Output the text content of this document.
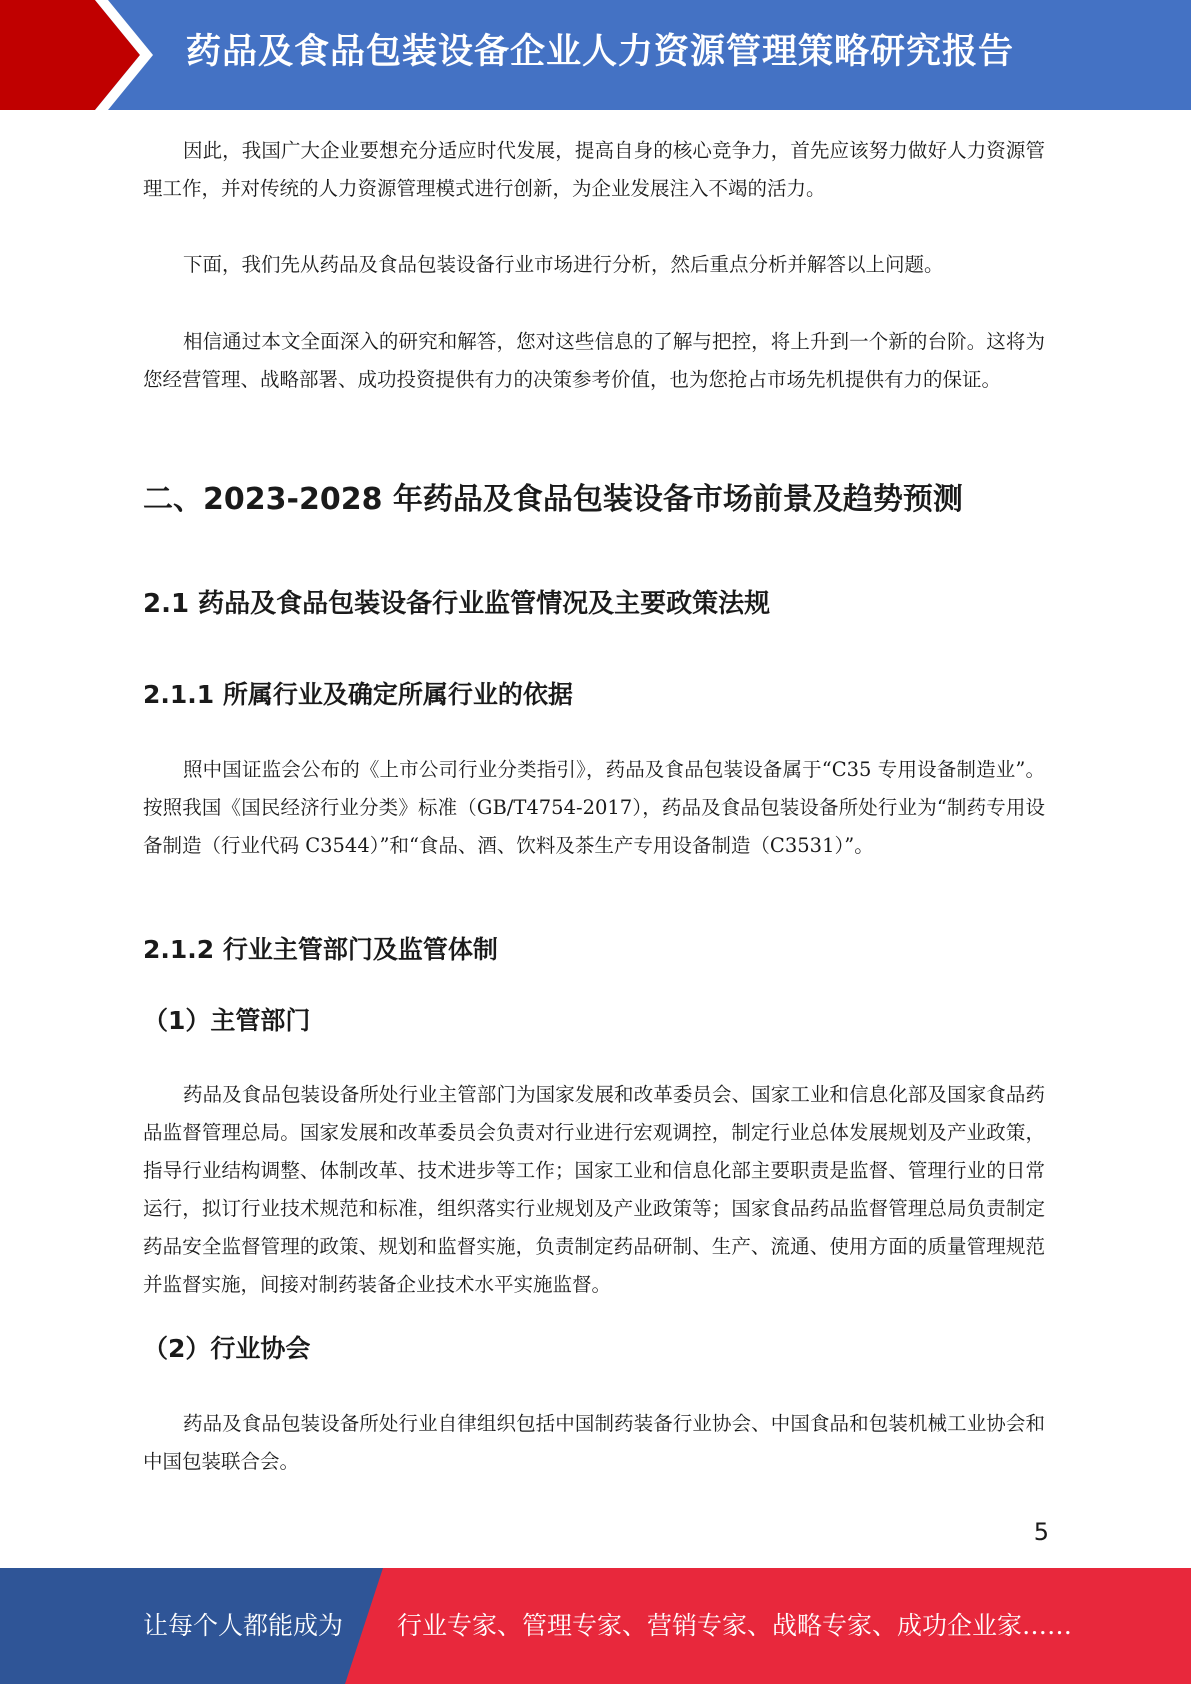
药品及食品包装设备企业人力资源管理策略研究报告

因此，我国广大企业要想充分适应时代发展，提高自身的核心竞争力，首先应该努力做好人力资源管理工作，并对传统的人力资源管理模式进行创新，为企业发展注入不竭的活力。

下面，我们先从药品及食品包装设备行业市场进行分析，然后重点分析并解答以上问题。

相信通过本文全面深入的研究和解答，您对这些信息的了解与把控，将上升到一个新的台阶。这将为您经营管理、战略部署、成功投资提供有力的决策参考价值，也为您抢占市场先机提供有力的保证。

二、2023-2028 年药品及食品包装设备市场前景及趋势预测
2.1 药品及食品包装设备行业监管情况及主要政策法规
2.1.1 所属行业及确定所属行业的依据

照中国证监会公布的《上市公司行业分类指引》，药品及食品包装设备属于“C35 专用设备制造业”。按照我国《国民经济行业分类》标准（GB/T4754-2017），药品及食品包装设备所处行业为“制药专用设备制造（行业代码 C3544）”和“食品、酒、饮料及茶生产专用设备制造（C3531）”。

2.1.2 行业主管部门及监管体制
（1）主管部门

药品及食品包装设备所处行业主管部门为国家发展和改革委员会、国家工业和信息化部及国家食品药品监督管理总局。国家发展和改革委员会负责对行业进行宏观调控，制定行业总体发展规划及产业政策，指导行业结构调整、体制改革、技术进步等工作；国家工业和信息化部主要职责是监督、管理行业的日常运行，拟订行业技术规范和标准，组织落实行业规划及产业政策等；国家食品药品监督管理总局负责制定药品安全监督管理的政策、规划和监督实施，负责制定药品研制、生产、流通、使用方面的质量管理规范并监督实施，间接对制药装备企业技术水平实施监督。

（2）行业协会

药品及食品包装设备所处行业自律组织包括中国制药装备行业协会、中国食品和包装机械工业协会和中国包装联合会。

5
让每个人都能成为 行业专家、管理专家、营销专家、战略专家、成功企业家……
